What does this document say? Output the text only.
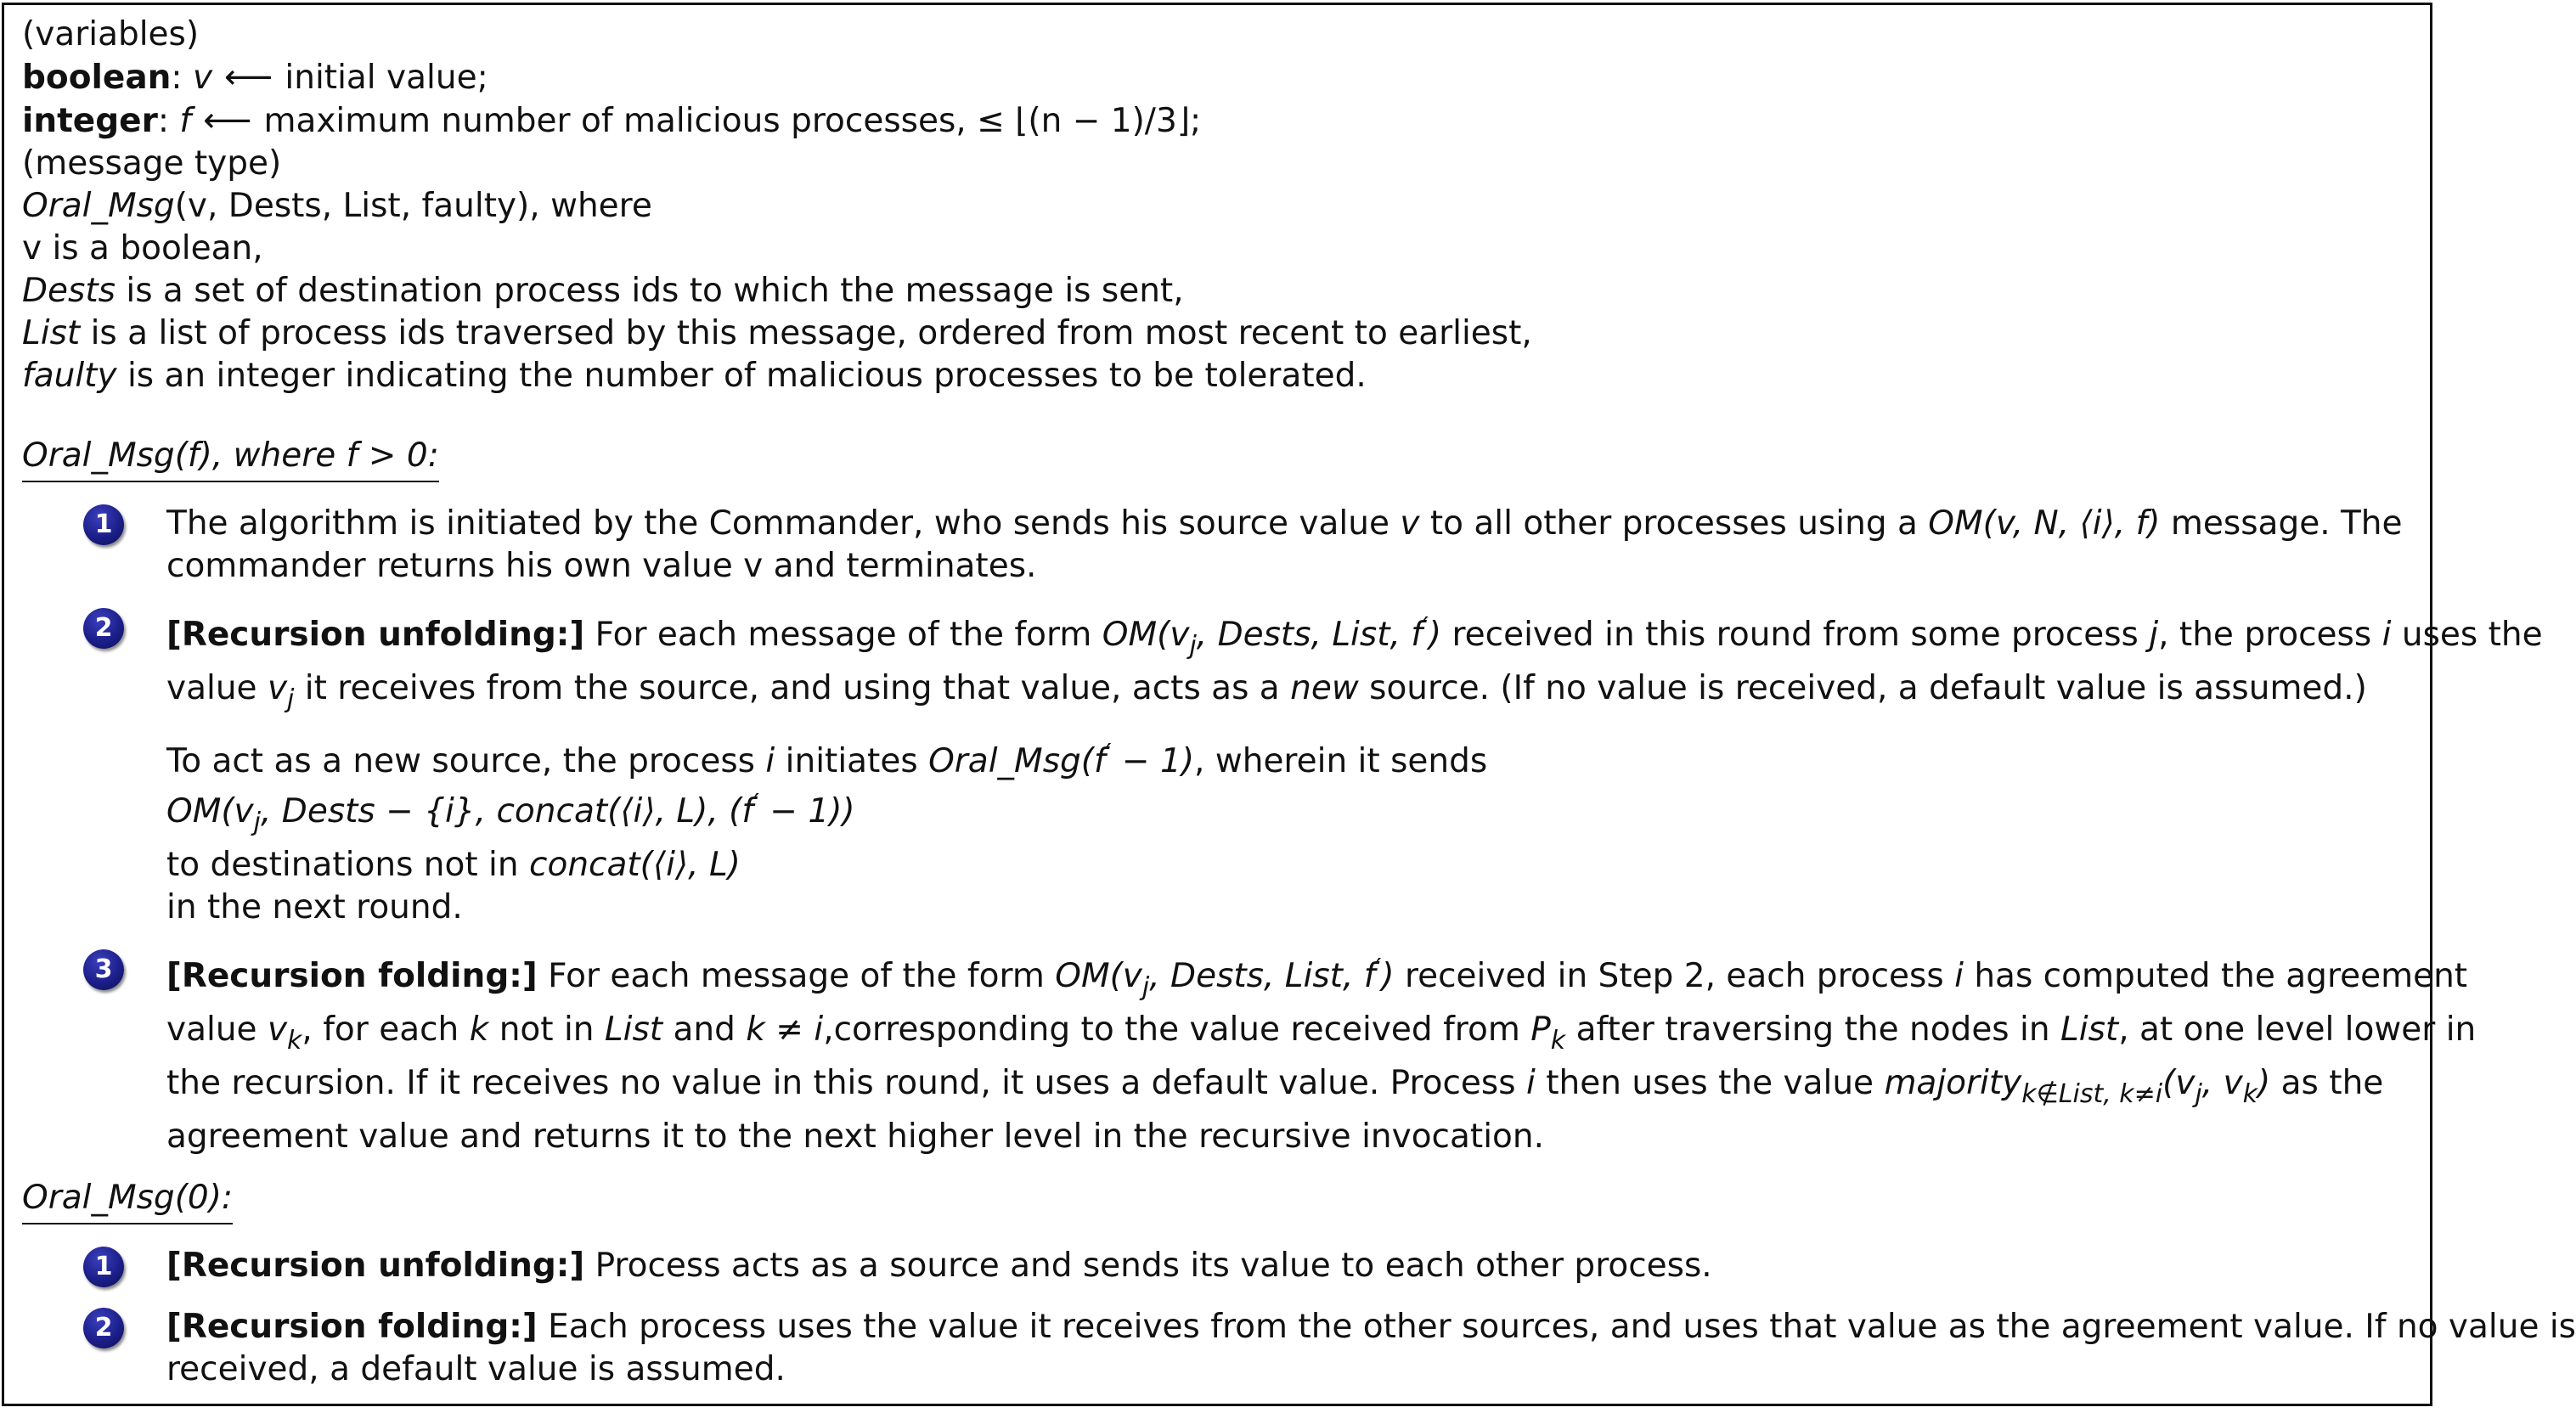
(variables)
boolean: v ⟵ initial value;
integer: f ⟵ maximum number of malicious processes, ≤ ⌊(n − 1)/3⌋;
(message type)
Oral_Msg(v, Dests, List, faulty), where
v is a boolean,
Dests is a set of destination process ids to which the message is sent,
List is a list of process ids traversed by this message, ordered from most recent to earliest,
faulty is an integer indicating the number of malicious processes to be tolerated.
Oral_Msg(f), where f > 0:
1	The algorithm is initiated by the Commander, who sends his source value v to all other processes using a OM(v, N, ⟨i⟩, f) message. The

commander returns his own value v and terminates.

2	[Recursion unfolding:] For each message of the form $OM(v_j$, Dests, List, f′) received in this round from some process j, the process i uses the

value $v_j$ it receives from the source, and using that value, acts as a new source. (If no value is received, a default value is assumed.)

To act as a new source, the process i initiates Oral_Msg(f′ − 1), wherein it sends

$OM(v_j$, Dests − {i}, concat(⟨i⟩, L), (f′ − 1))

to destinations not in concat(⟨i⟩, L)

in the next round.

3	[Recursion folding:] For each message of the form $OM(v_j$, Dests, List, f′) received in Step 2, each process i has computed the agreement

value $v_k$, for each k not in List and k ≠ i,corresponding to the value received from $P_k$ after traversing the nodes in List, at one level lower in

the recursion. If it receives no value in this round, it uses a default value. Process i then uses the value $majority_{k\notin List, k\ne i}(v_j$, $v_k$) as the

agreement value and returns it to the next higher level in the recursive invocation.

Oral_Msg(0):
1	[Recursion unfolding:] Process acts as a source and sends its value to each other process.

2	[Recursion folding:] Each process uses the value it receives from the other sources, and uses that value as the agreement value. If no value is

received, a default value is assumed.
